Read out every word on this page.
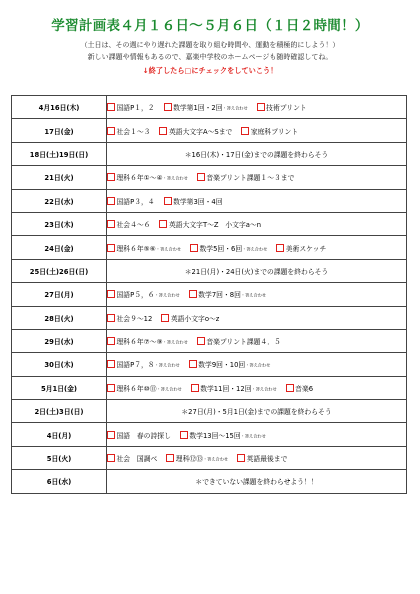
学習計画表４月１６日～５月６日（１日２時間！）
（土日は、その週にやり遅れた課題を取り組む時間や、運動を積極的にしよう！）
新しい課題や情報もあるので、嘉楽中学校のホームページも随時確認してね。
↓終了したら□にチェックをしていこう！
4月16日(木)	国語P１，２ 数学第1回・2回・答え合わせ 技術プリント
17日(金)	社会１～３ 英語大文字A～Sまで 家庭科プリント
18日(土)19日(日)	＊16日(木)・17日(金)までの課題を終わらそう

21日(火)	理科６年①～④・答え合わせ 音楽プリント課題１～３まで
22日(水)	国語P３，４ 数学第3回・4回
23日(木)	社会４～６ 英語大文字T～Z　小文字a～n
24日(金)	理科６年⑤⑥・答え合わせ 数学5回・6回・答え合わせ 美術スケッチ
25日(土)26日(日)	＊21日(月)・24日(火)までの課題を終わらそう

27日(月)	国語P５，６・答え合わせ 数学7回・8回・答え合わせ
28日(火)	社会９～12 英語小文字o～z
29日(水)	理科６年⑦～⑨・答え合わせ 音楽プリント課題４．５
30日(木)	国語P７，８・答え合わせ 数学9回・10回・答え合わせ
5月1日(金)	理科６年⑩⑪・答え合わせ 数学11回・12回・答え合わせ 音楽6
2日(土)3日(日)	＊27日(月)・5月1日(金)までの課題を終わらそう

4日(月)	国語　春の詩探し 数学13回～15回・答え合わせ
5日(火)	社会　国調べ 理科⑫⑬・答え合わせ 英語最後まで
6日(水)	＊できていない課題を終わらせよう！！
